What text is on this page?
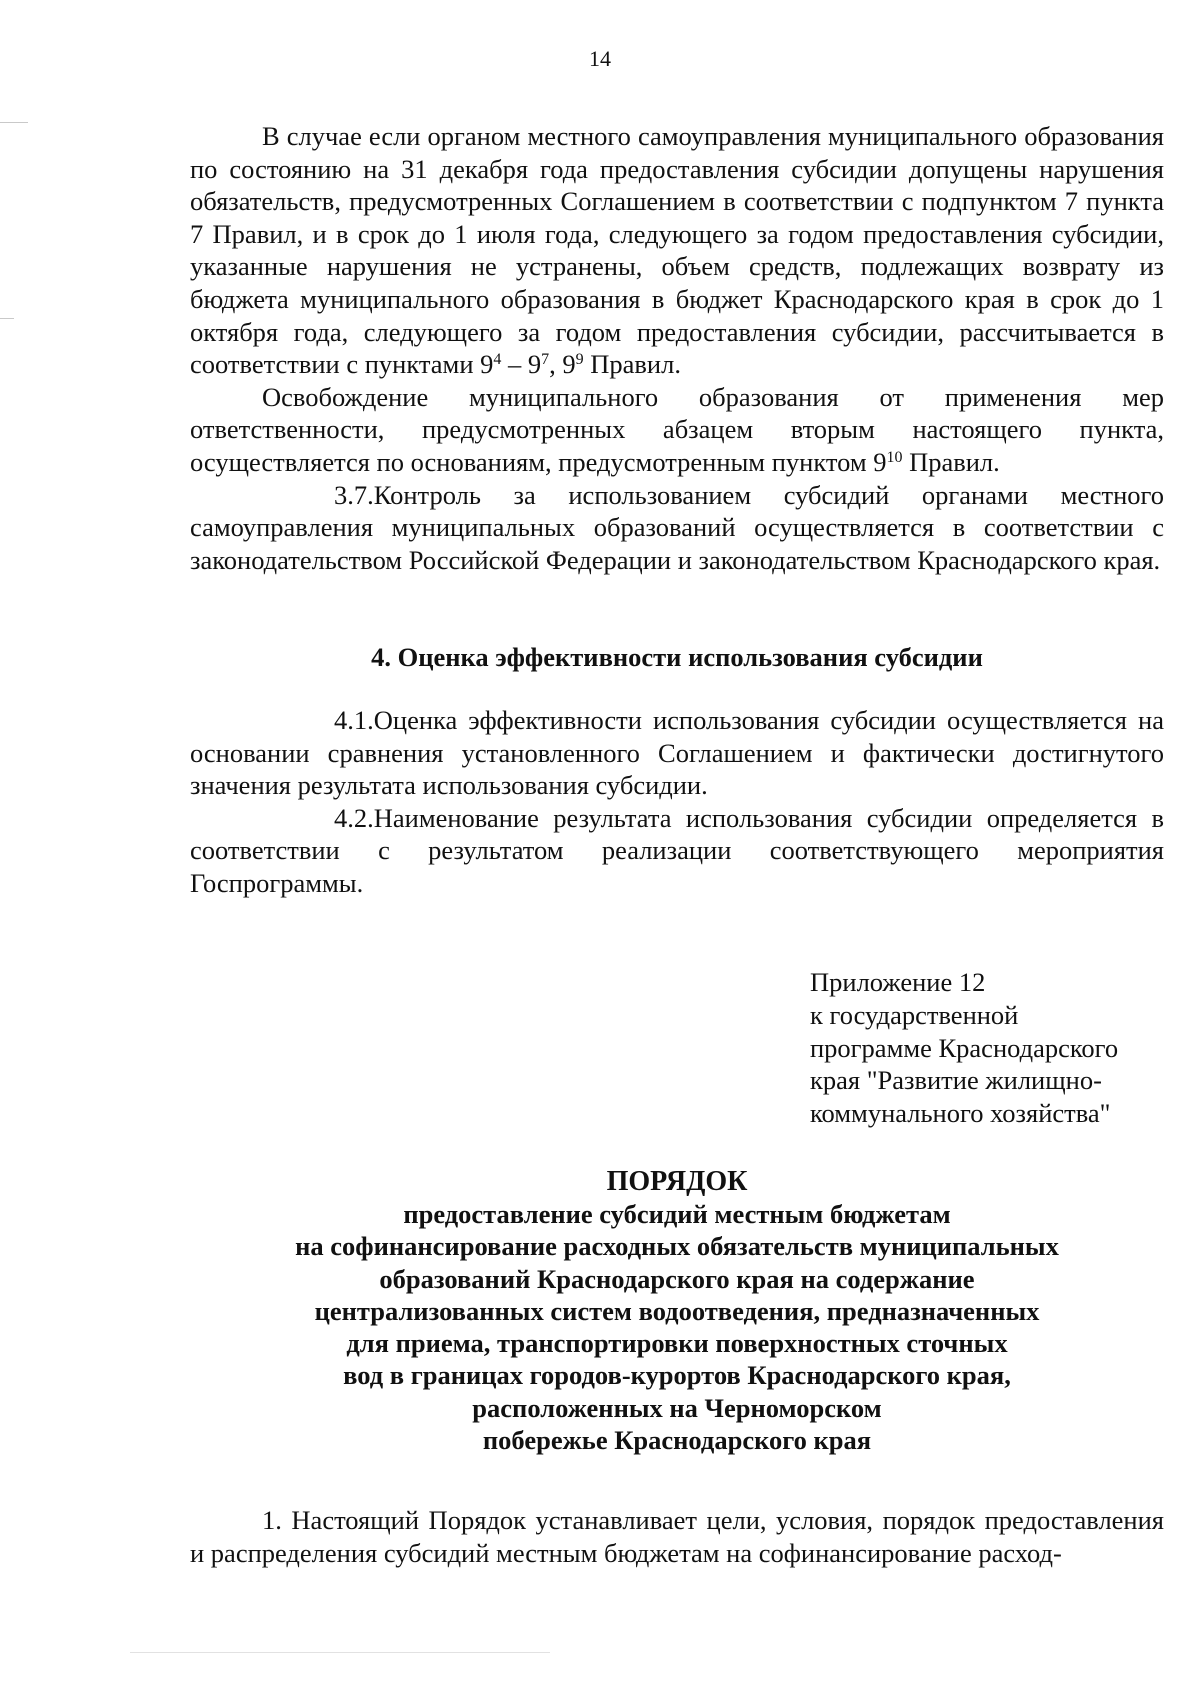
14

В случае если органом местного самоуправления муниципального образования по состоянию на 31 декабря года предоставления субсидии допущены нарушения обязательств, предусмотренных Соглашением в соответствии с подпунктом 7 пункта 7 Правил, и в срок до 1 июля года, следующего за годом предоставления субсидии, указанные нарушения не устранены, объем средств, подлежащих возврату из бюджета муниципального образования в бюджет Краснодарского края в срок до 1 октября года, следующего за годом предоставления субсидии, рассчитывается в соответствии с пунктами $9^4 - 9^7$, $9^9$ Правил.

Освобождение муниципального образования от применения мер ответственности, предусмотренных абзацем вторым настоящего пункта, осуществляется по основаниям, предусмотренным пунктом $9^{10}$ Правил.

3.7.Контроль за использованием субсидий органами местного самоуправления муниципальных образований осуществляется в соответствии с законодательством Российской Федерации и законодательством Краснодарского края.

4. Оценка эффективности использования субсидии

4.1.Оценка эффективности использования субсидии осуществляется на основании сравнения установленного Соглашением и фактически достигнутого значения результата использования субсидии.

4.2.Наименование результата использования субсидии определяется в соответствии с результатом реализации соответствующего мероприятия Госпрограммы.

Приложение 12
к государственной
программе Краснодарского
края "Развитие жилищно-
коммунального хозяйства"
ПОРЯДОК
предоставление субсидий местным бюджетам
на софинансирование расходных обязательств муниципальных
образований Краснодарского края на содержание
централизованных систем водоотведения, предназначенных
для приема, транспортировки поверхностных сточных
вод в границах городов-курортов Краснодарского края,
расположенных на Черноморском
побережье Краснодарского края

1. Настоящий Порядок устанавливает цели, условия, порядок предоставления и распределения субсидий местным бюджетам на софинансирование расход-
